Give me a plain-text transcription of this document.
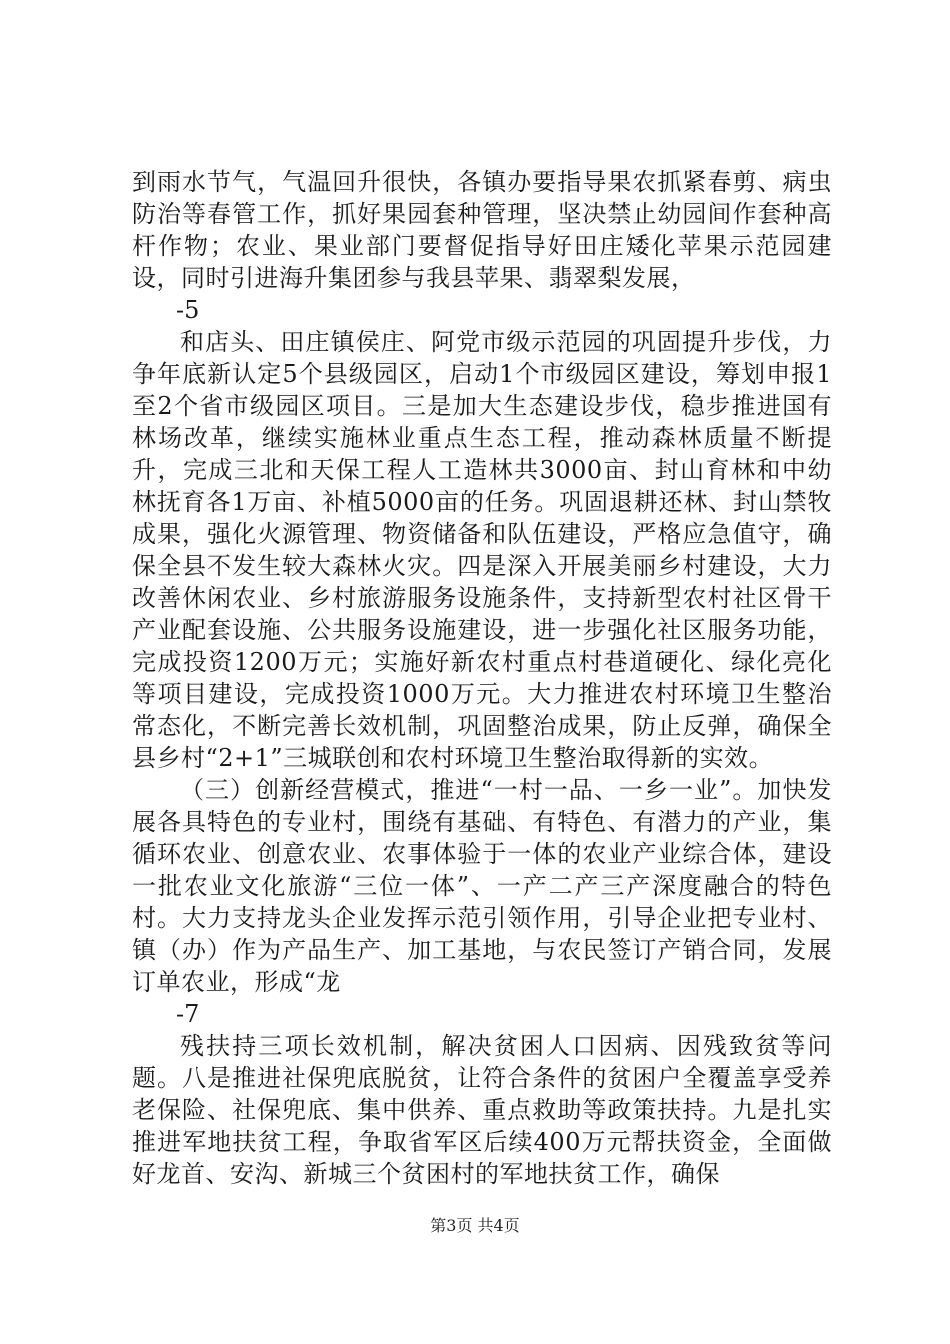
到雨水节气，气温回升很快，各镇办要指导果农抓紧春剪、病虫防治等春管工作，抓好果园套种管理，坚决禁止幼园间作套种高杆作物；农业、果业部门要督促指导好田庄矮化苹果示范园建设，同时引进海升集团参与我县苹果、翡翠梨发展，

-5

和店头、田庄镇侯庄、阿党市级示范园的巩固提升步伐，力争年底新认定5个县级园区，启动1个市级园区建设，筹划申报1至2个省市级园区项目。三是加大生态建设步伐，稳步推进国有林场改革，继续实施林业重点生态工程，推动森林质量不断提升，完成三北和天保工程人工造林共3000亩、封山育林和中幼林抚育各1万亩、补植5000亩的任务。巩固退耕还林、封山禁牧成果，强化火源管理、物资储备和队伍建设，严格应急值守，确保全县不发生较大森林火灾。四是深入开展美丽乡村建设，大力改善休闲农业、乡村旅游服务设施条件，支持新型农村社区骨干产业配套设施、公共服务设施建设，进一步强化社区服务功能，完成投资1200万元；实施好新农村重点村巷道硬化、绿化亮化等项目建设，完成投资1000万元。大力推进农村环境卫生整治常态化，不断完善长效机制，巩固整治成果，防止反弹，确保全县乡村“2+1”三城联创和农村环境卫生整治取得新的实效。

（三）创新经营模式，推进“一村一品、一乡一业”。加快发展各具特色的专业村，围绕有基础、有特色、有潜力的产业，集循环农业、创意农业、农事体验于一体的农业产业综合体，建设一批农业文化旅游“三位一体”、一产二产三产深度融合的特色村。大力支持龙头企业发挥示范引领作用，引导企业把专业村、镇（办）作为产品生产、加工基地，与农民签订产销合同，发展订单农业，形成“龙

-7

残扶持三项长效机制，解决贫困人口因病、因残致贫等问题。八是推进社保兜底脱贫，让符合条件的贫困户全覆盖享受养老保险、社保兜底、集中供养、重点救助等政策扶持。九是扎实推进军地扶贫工程，争取省军区后续400万元帮扶资金，全面做好龙首、安沟、新城三个贫困村的军地扶贫工作，确保

第3页 共4页
